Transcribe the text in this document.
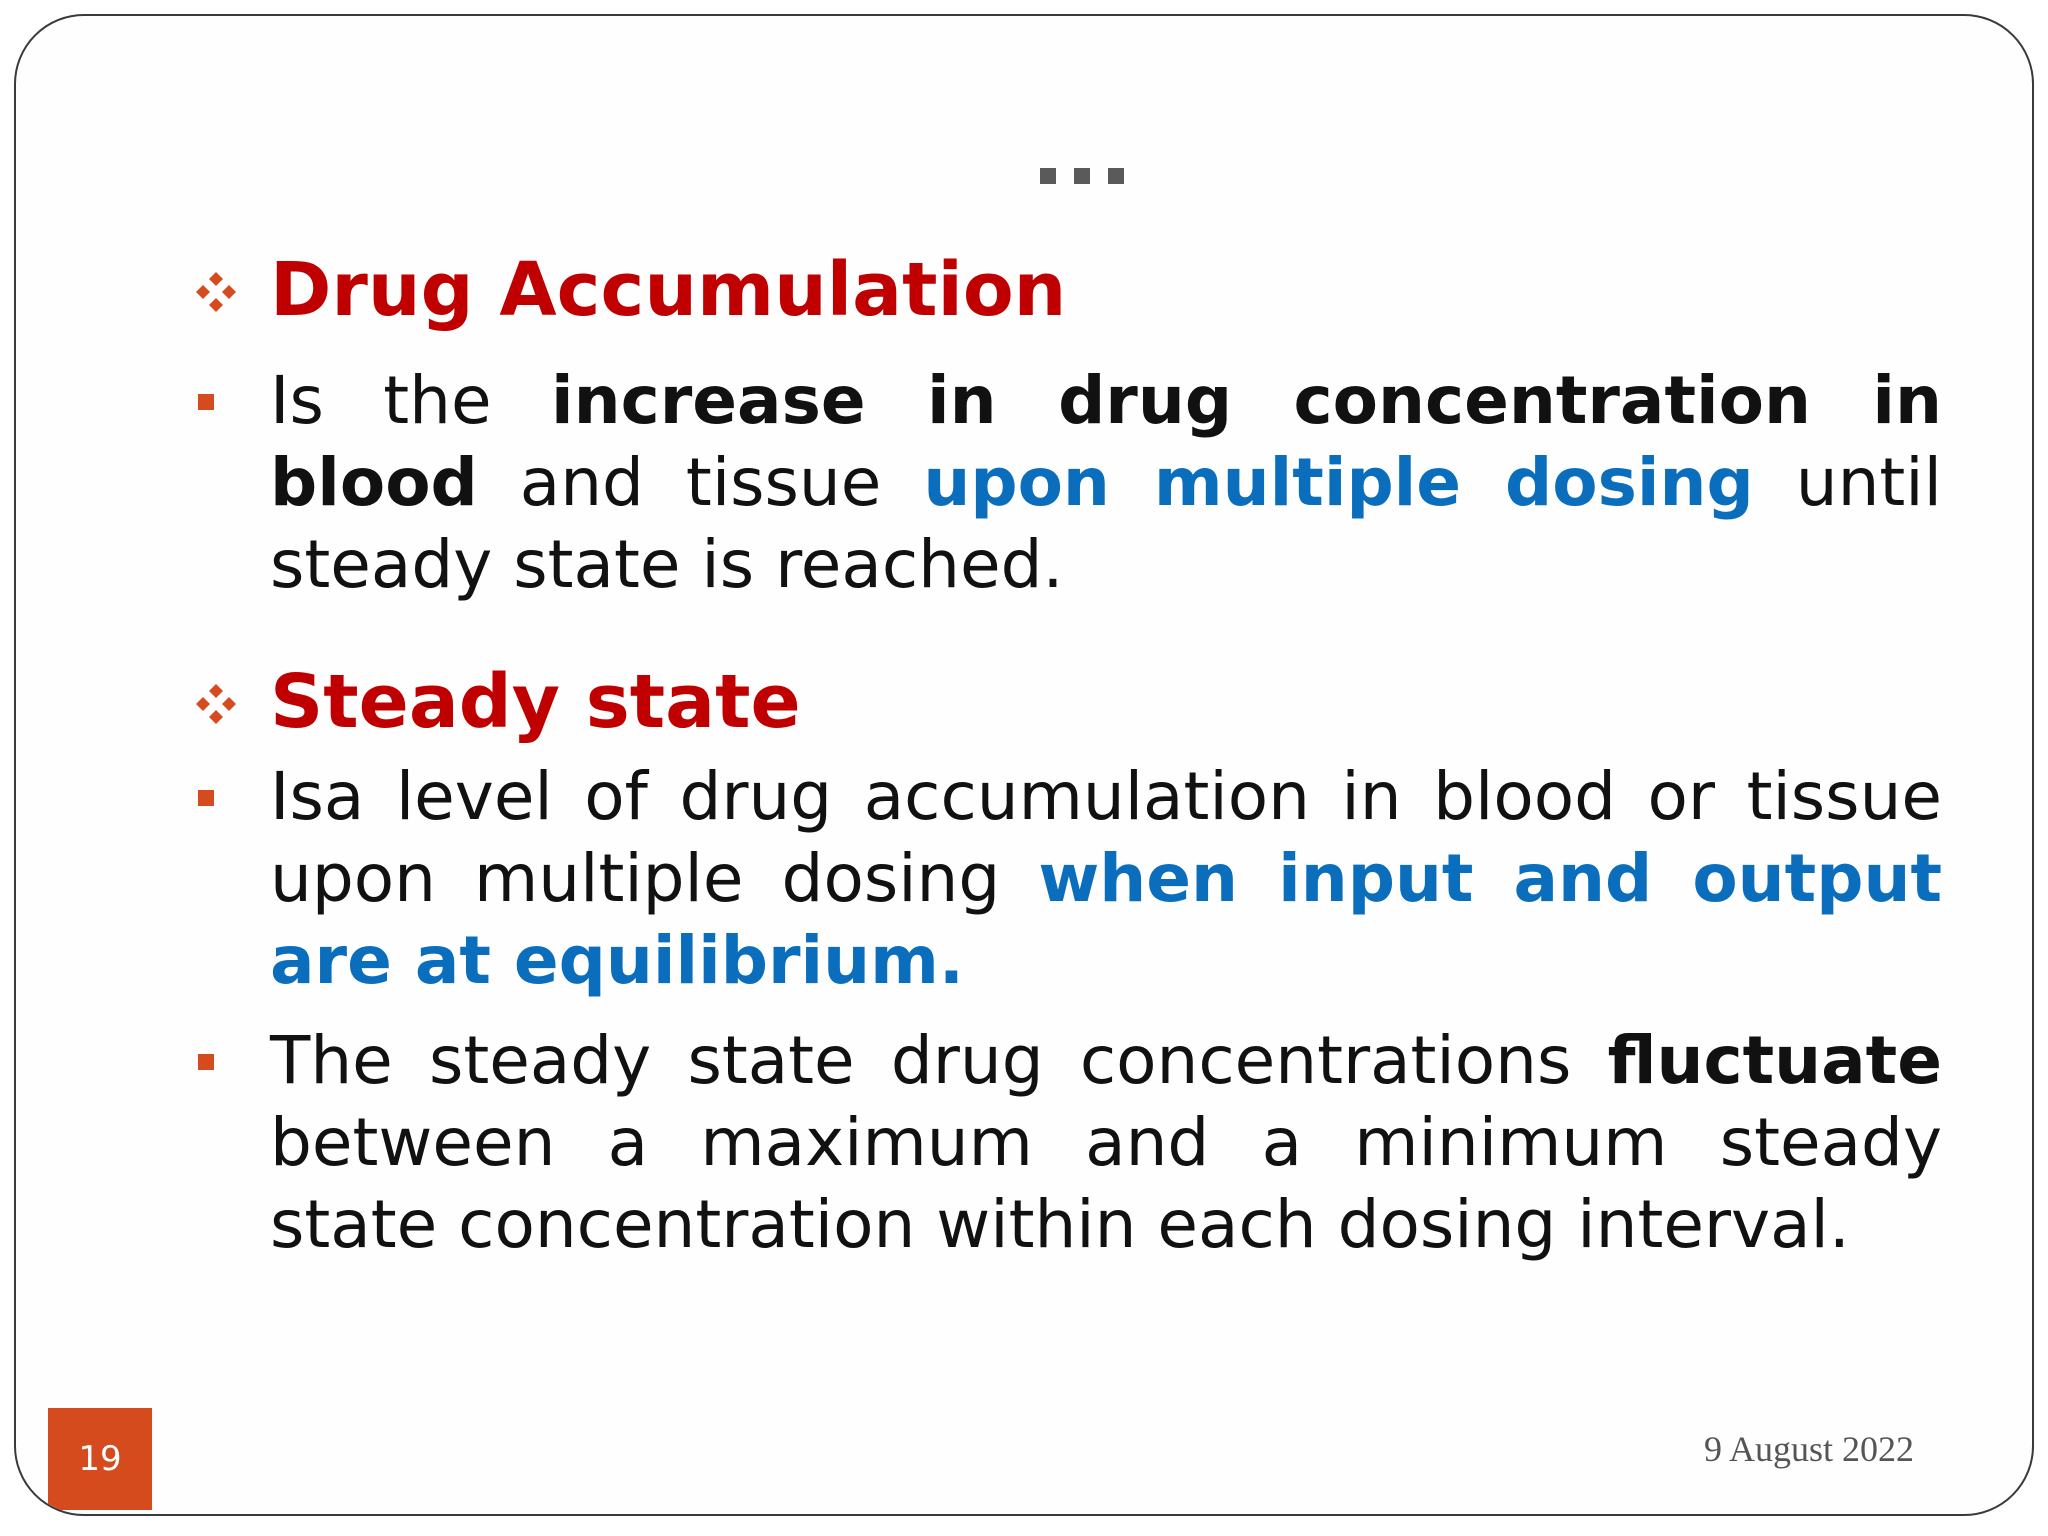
Drug Accumulation
Is the increase in drug concentration in blood and tissue upon multiple dosing until steady state is reached.
Steady state
Isa level of drug accumulation in blood or tissue upon multiple dosing when input and output are at equilibrium.
The steady state drug concentrations fluctuate between a maximum and a minimum steady state concentration within each dosing interval.
19	9 August 2022
